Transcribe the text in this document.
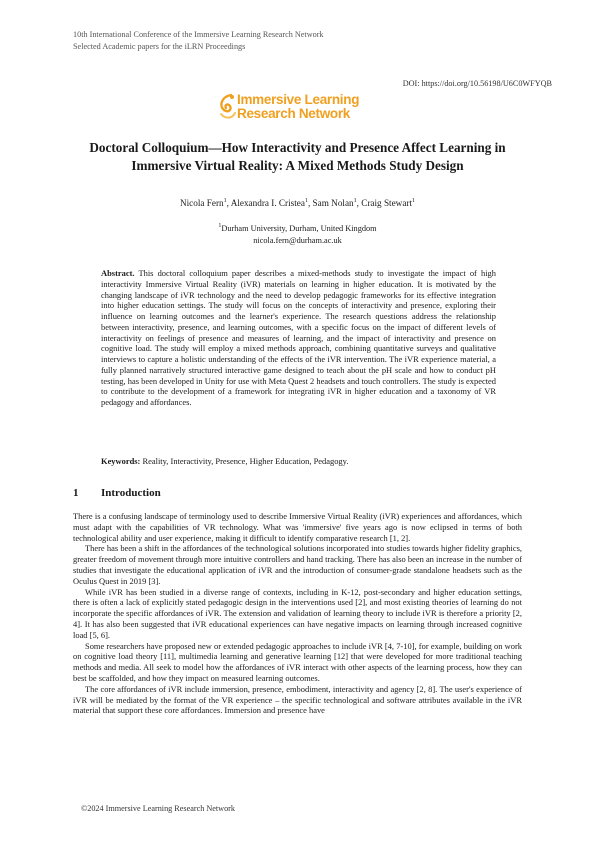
10th International Conference of the Immersive Learning Research Network
Selected Academic papers for the iLRN Proceedings
DOI: https://doi.org/10.56198/U6C0WFYQB
Immersive Learning
Research Network
Doctoral Colloquium—How Interactivity and Presence Affect Learning in Immersive Virtual Reality: A Mixed Methods Study Design
Nicola Fern$^1$, Alexandra I. Cristea$^1$, Sam Nolan$^1$, Craig Stewart$^1$
$^1$Durham University, Durham, United Kingdom
nicola.fern@durham.ac.uk
Abstract. This doctoral colloquium paper describes a mixed-methods study to investigate the impact of high interactivity Immersive Virtual Reality (iVR) materials on learning in higher education. It is motivated by the changing landscape of iVR technology and the need to develop pedagogic frameworks for its effective integration into higher education settings. The study will focus on the concepts of interactivity and presence, exploring their influence on learning outcomes and the learner's experience. The research questions address the relationship between interactivity, presence, and learning outcomes, with a specific focus on the impact of different levels of interactivity on feelings of presence and measures of learning, and the impact of interactivity and presence on cognitive load. The study will employ a mixed methods approach, combining quantitative surveys and qualitative interviews to capture a holistic understanding of the effects of the iVR intervention. The iVR experience material, a fully planned narratively structured interactive game designed to teach about the pH scale and how to conduct pH testing, has been developed in Unity for use with Meta Quest 2 headsets and touch controllers. The study is expected to contribute to the development of a framework for integrating iVR in higher education and a taxonomy of VR pedagogy and affordances.
Keywords: Reality, Interactivity, Presence, Higher Education, Pedagogy.
1 Introduction

There is a confusing landscape of terminology used to describe Immersive Virtual Reality (iVR) experiences and affordances, which must adapt with the capabilities of VR technology. What was 'immersive' five years ago is now eclipsed in terms of both technological ability and user experience, making it difficult to identify comparative research [1, 2].

There has been a shift in the affordances of the technological solutions incorporated into studies towards higher fidelity graphics, greater freedom of movement through more intuitive controllers and hand tracking. There has also been an increase in the number of studies that investigate the educational application of iVR and the introduction of consumer-grade standalone headsets such as the Oculus Quest in 2019 [3].

While iVR has been studied in a diverse range of contexts, including in K-12, post-secondary and higher education settings, there is often a lack of explicitly stated pedagogic design in the interventions used [2], and most existing theories of learning do not incorporate the specific affordances of iVR. The extension and validation of learning theory to include iVR is therefore a priority [2, 4]. It has also been suggested that iVR educational experiences can have negative impacts on learning through increased cognitive load [5, 6].

Some researchers have proposed new or extended pedagogic approaches to include iVR [4, 7-10], for example, building on work on cognitive load theory [11], multimedia learning and generative learning [12] that were developed for more traditional teaching methods and media. All seek to model how the affordances of iVR interact with other aspects of the learning process, how they can best be scaffolded, and how they impact on measured learning outcomes.

The core affordances of iVR include immersion, presence, embodiment, interactivity and agency [2, 8]. The user's experience of iVR will be mediated by the format of the VR experience – the specific technological and software attributes available in the iVR material that support these core affordances. Immersion and presence have

©2024 Immersive Learning Research Network
